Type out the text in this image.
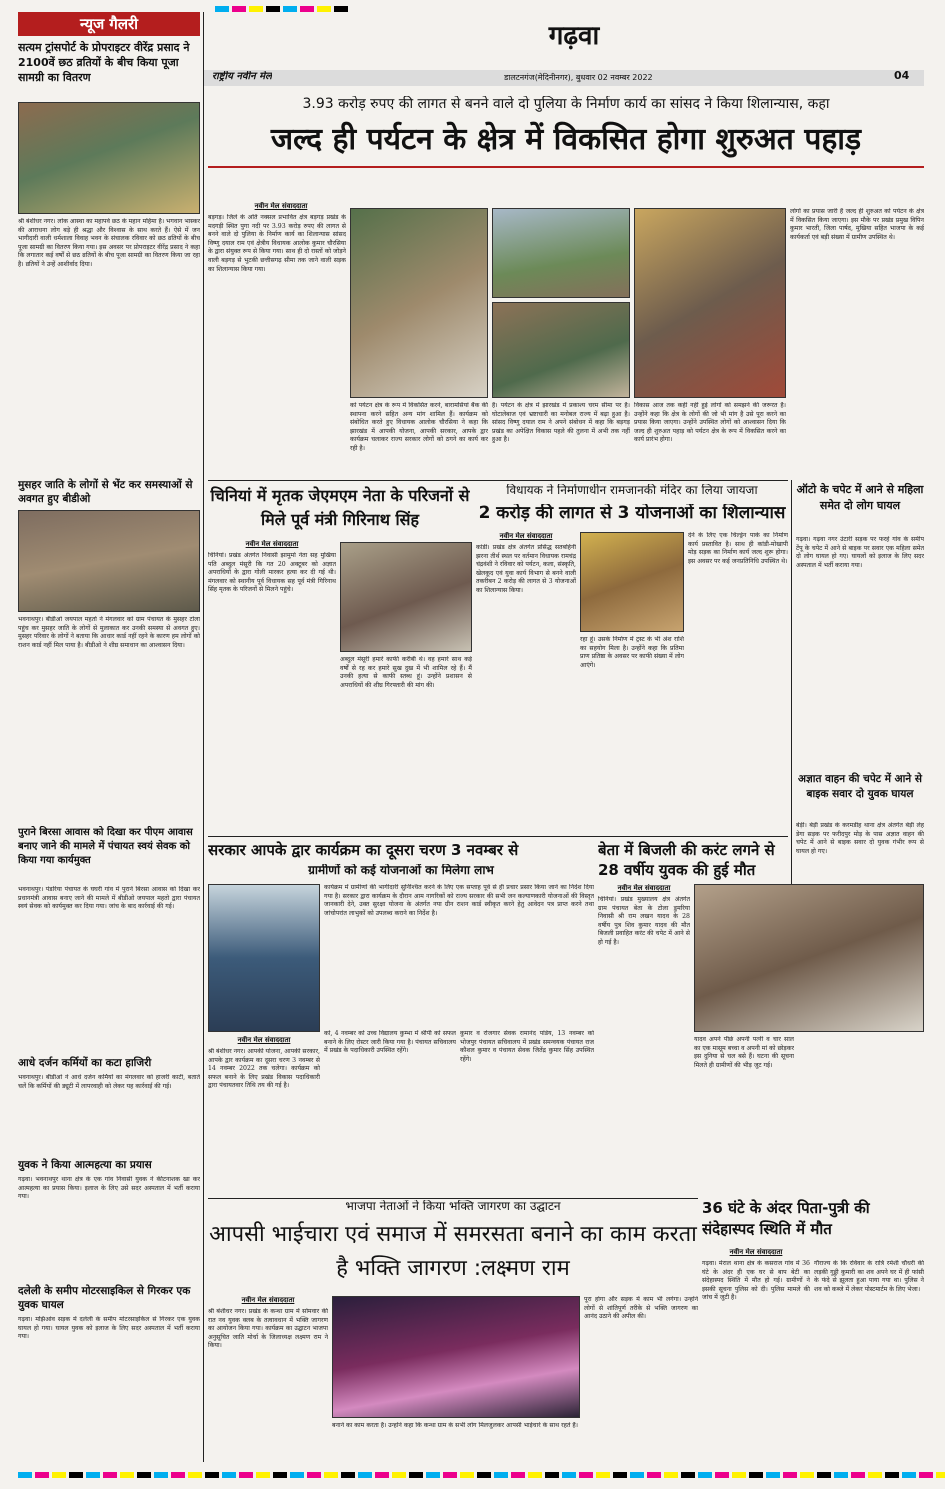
गढ़वा
राष्ट्रीय नवीन मेल	डालटनगंज(मेदिनीनगर), बुधवार 02 नवम्बर 2022	04
न्यूज गैलरी
सत्यम ट्रांसपोर्ट के प्रोपराइटर वीरेंद्र प्रसाद ने 2100वें छठ व्रतियों के बीच किया पूजा सामग्री का वितरण
श्री बंशीधर नगर। लोक आस्था का महापर्व छठ के महान महिमा है। भगवान भास्कर की आराधना लोग बड़े ही श्रद्धा और विश्वास के साथ करते हैं। ऐसे में जन भागीदारी वाली धर्मशाला विवाह भवन के संचालक रविवार को छठ व्रतियों के बीच पूजा सामग्री का वितरण किया गया। इस अवसर पर प्रोपराइटर वीरेंद्र प्रसाद ने कहा कि लगातार कई वर्षों से छठ व्रतियों के बीच पूजा सामग्री का वितरण किया जा रहा है। व्रतियों ने उन्हें आशीर्वाद दिया।
मुसहर जाति के लोगों से भेंट कर समस्याओं से अवगत हुए बीडीओ
भवनाथपुर। बीडीओ जयपाल महतो ने मंगलवार को ग्राम पंचायत के मुसहर टोला पहुंच कर मुसहर जाति के लोगों से मुलाकात कर उनकी समस्या से अवगत हुए। मुसहर परिवार के लोगों ने बताया कि आधार कार्ड नहीं रहने के कारण हम लोगों को राशन कार्ड नहीं मिल पाया है। बीडीओ ने शीघ्र समाधान का आश्वासन दिया।
पुराने बिरसा आवास को दिखा कर पीएम आवास बनाए जाने की मामले में पंचायत स्वयं सेवक को किया गया कार्यमुक्त
भवनाथपुर। पंडरिया पंचायत के घघरी गांव में पुराने बिरसा आवास को दिखा कर प्रधानमंत्री आवास बनाए जाने की मामले में बीडीओ जयपाल महतो द्वारा पंचायत स्वयं सेवक को कार्यमुक्त कर दिया गया। जांच के बाद कार्रवाई की गई।
आधे दर्जन कर्मियों का कटा हाजिरी
भवनाथपुर। बीडीओ ने आधे दर्जन कर्मियों का मंगलवार को हाजरी काटी, बताते चलें कि कर्मियों की ड्यूटी में लापरवाही को लेकर यह कार्रवाई की गई।
युवक ने किया आत्महत्या का प्रयास
गढ़वा। भवनाथपुर थाना क्षेत्र के एक गांव निवासी युवक ने कीटनाशक खा कर आत्महत्या का प्रयास किया। इलाज के लिए उसे सदर अस्पताल में भर्ती कराया गया।
दलेली के समीप मोटरसाइकिल से गिरकर एक युवक घायल
गढ़वा। मझिआंव सड़क में दलेली के समीप मोटरसाइकिल से गिरकर एक युवक घायल हो गया। घायल युवक को इलाज के लिए सदर अस्पताल में भर्ती कराया गया।
3.93 करोड़ रुपए की लागत से बनने वाले दो पुलिया के निर्माण कार्य का सांसद ने किया शिलान्यास, कहा
जल्द ही पर्यटन के क्षेत्र में विकसित होगा शुरुअत पहाड़
नवीन मेल संवाददाता
बड़गड़। जिले के अति नक्सल प्रभावित क्षेत्र बड़गड़ प्रखंड के मदगड़ी स्थित पुगा नदी पर 3.93 करोड़ रुपए की लागत से बनने वाले दो पुलिया के निर्माण कार्य का शिलान्यास सांसद विष्णु दयाल राम एवं क्षेत्रीय विधायक आलोक कुमार चौरसिया के द्वारा संयुक्त रूप से किया गया। साथ ही दो रास्तों को जोड़ने वाली बड़गड़ से भुटकी छत्तीसगढ़ सीमा तक जाने वाली सड़क का शिलान्यास किया गया।
को पर्यटन क्षेत्र के रूप में विकसित करने, बारामसियां बैंक की स्थापना करने सहित अन्य मांग शामिल हैं। कार्यक्रम को संबोधित करते हुए विधायक आलोक चौरसिया ने कहा कि झारखंड में आपकी योजना, आपकी सरकार, आपके द्वार कार्यक्रम चलाकर राज्य सरकार लोगों को ठगने का कार्य कर रही है।
है। पर्यटन के क्षेत्र में झारखंड में प्रकाश्य चरम सीमा पर है। घोटालेबाज एवं भ्रष्टाचारी का मनोबल राज्य में बढ़ा हुआ है। सांसद विष्णु दयाल राम ने अपने संबोधन में कहा कि बड़गड़ प्रखंड का अपेक्षित विकास पहले की तुलना में अभी तक नहीं हुआ है।
विकास आज तक कहीं नहीं हुई लोगों को समझने की जरूरत है। उन्होंने कहा कि क्षेत्र के लोगों की जो भी मांग है उसे पूरा करने का प्रयास किया जाएगा। उन्होंने उपस्थित लोगों को आश्वासन दिया कि जल्द ही शुरुअत पहाड़ को पर्यटन क्षेत्र के रूप में विकसित करने का कार्य प्रारंभ होगा।
लोगों का प्रयास जारी है जल्द ही शुरुअत को पर्यटन के क्षेत्र में विकसित किया जाएगा। इस मौके पर प्रखंड प्रमुख विपिन कुमार भारती, जिला पार्षद, मुखिया सहित भाजपा के कई कार्यकर्ता एवं बड़ी संख्या में ग्रामीण उपस्थित थे।
चिनियां में मृतक जेएमएम नेता के परिजनों से मिले पूर्व मंत्री गिरिनाथ सिंह
नवीन मेल संवाददाता
चिनियां। प्रखंड अंतर्गत निवासी झामुमो नेता सह मुखिया पति अब्दुल मंसूरी कि गत 20 अक्टूबर को अज्ञात अपराधियों के द्वारा गोली मारकर हत्या कर दी गई थी। मंगलवार को स्थानीय पूर्व विधायक सह पूर्व मंत्री गिरिनाथ सिंह मृतक के परिजनों से मिलने पहुंचे।
अब्दुल मंसूरी हमारे काफी करीबी थे। वह हमारे साथ कई वर्षों से रह कर हमारे सुख दुख में भी शामिल रहे हैं। मैं उनकी हत्या से काफी स्तब्ध हूं। उन्होंने प्रशासन से अपराधियों की शीघ्र गिरफ्तारी की मांग की।
विधायक ने निर्माणाधीन रामजानकी मंदिर का लिया जायजा
2 करोड़ की लागत से 3 योजनाओं का शिलान्यास
नवीन मेल संवाददाता
कांडी। प्रखंड क्षेत्र अंतर्गत प्रसिद्ध सतबहिनी झरना तीर्थ स्थल पर वर्तमान विधायक रामचंद्र चंद्रवंशी ने रविवार को पर्यटन, कला, संस्कृति, खेलकूद एवं युवा कार्य विभाग से बनने वाली तकरीबन 2 करोड़ की लागत से 3 योजनाओं का शिलान्यास किया।
रहा हूं। उसके निर्माण में ट्रस्ट के भी अंश राशि का सहयोग मिला है। उन्होंने कहा कि प्रतिमा प्राण प्रतिष्ठा के अवसर पर काफी संख्या में लोग आएंगे।
देने के लिए एक चिल्ड्रेन पार्क का निर्माण कार्य प्रस्तावित है। साथ ही कांडी-मोखापी मोड़ सड़क का निर्माण कार्य जल्द शुरू होगा। इस अवसर पर कई जनप्रतिनिधि उपस्थित थे।
ऑटो के चपेट में आने से महिला समेत दो लोग घायल
गढ़वा। गढ़वा नगर उंटारी सड़क पर फरहे गांव के समीप टेंपू के चपेट में आने से बाइक पर सवार एक महिला समेत दो लोग घायल हो गए। घायलों को इलाज के लिए सदर अस्पताल में भर्ती कराया गया।
अज्ञात वाहन की चपेट में आने से बाइक सवार दो युवक घायल
बेड़ी। बेड़ी प्रखंड के करमडीह थाना क्षेत्र अंतर्गत बेड़ी लेह डेगा सड़क पर फरीदपुर मोड़ के पास अज्ञात वाहन की चपेट में आने से बाइक सवार दो युवक गंभीर रूप से घायल हो गए।
सरकार आपके द्वार कार्यक्रम का दूसरा चरण 3 नवम्बर से
ग्रामीणों को कई योजनाओं का मिलेगा लाभ
कार्यक्रम में ग्रामीणों की भागीदारी सुनिश्चित करने के लिए एक सप्ताह पूर्व से ही प्रचार प्रसार किया जाने का निर्देश दिया गया है। सरकार द्वारा कार्यक्रम के दौरान आम नागरिकों को राज्य सरकार की सभी जन कल्याणकारी योजनाओं की विस्तृत जानकारी देने, उक्त सुरक्षा योजना के अंतर्गत नया ग्रीन राशन कार्ड स्वीकृत करने हेतु आवेदन पत्र प्राप्त करने तथा जांचोपरांत लाभुकों को उपलब्ध कराने का निर्देश है।
नवीन मेल संवाददाता
श्री बंशीधर नगर। आपकी योजना, आपकी सरकार, आपके द्वार कार्यक्रम का दूसरा चरण 3 नवम्बर से 14 नवम्बर 2022 तक चलेगा। कार्यक्रम को सफल बनाने के लिए प्रखंड विकास पदाधिकारी द्वारा पंचायतवार तिथि तय की गई है।
को, 4 नवम्बर को उच्च विद्यालय कुम्भा में श्रीपी को सफल बनाने के लिए रोस्टर जारी किया गया है। पंचायत सचिवालय में प्रखंड के पदाधिकारी उपस्थित रहेंगे।
कुमार व रोजगार सेवक रामानंद पांडेय, 13 नवम्बर को भोजपुर पंचायत सचिवालय में प्रखंड समन्वयक पंचायत राज कौशल कुमार व पंचायत सेवक जितेंद्र कुमार सिंह उपस्थित रहेंगे।
बेता में बिजली की करंट लगने से 28 वर्षीय युवक की हुई मौत
नवीन मेल संवाददाता
चिनियां। प्रखंड मुख्यालय क्षेत्र अंतर्गत ग्राम पंचायत बेता के टोला डुमरिया निवासी श्री राम लखन यादव के 28 वर्षीय पुत्र शिव कुमार यादव की मौत बिजली प्रवाहित करंट की चपेट में आने से हो गई है।
यादव अपने पीछे अपनी पत्नी व चार साल का एक मासूम बच्चा व अपनी मां को छोड़कर इस दुनिया से चल बसे हैं। घटना की सूचना मिलते ही ग्रामीणों की भीड़ जुट गई।
भाजपा नेताओं ने किया भक्ति जागरण का उद्घाटन
आपसी भाईचारा एवं समाज में समरसता बनाने का काम करता है भक्ति जागरण :लक्ष्मण राम
नवीन मेल संवाददाता
श्री बंशीधर नगर। प्रखंड के कन्था ग्राम में सोमवार की रात नव युवक क्लब के तत्वावधान में भक्ति जागरण का आयोजन किया गया। कार्यक्रम का उद्घाटन भाजपा अनुसूचित जाति मोर्चा के जिलाध्यक्ष लक्ष्मण राम ने किया।
बनाने का काम करता है। उन्होंने कहा कि कन्था ग्राम के सभी लोग मिलजुलकर आपसी भाईचारे के साथ रहते हैं।
पूरा होगा और सड़क में काम भी लगेगा। उन्होंने लोगों से शांतिपूर्ण तरीके से भक्ति जागरण का आनंद उठाने की अपील की।
36 घंटे के अंदर पिता-पुत्री की संदेहास्पद स्थिति में मौत
नवीन मेल संवाददाता
गढ़वा। मेराल थाना क्षेत्र के कसराज गांव में 36 घंटे के अंदर ही एक घर से बाप बेटी का संदेहास्पद स्थिति में मौत हो गई। ग्रामीणों ने इसकी सूचना पुलिस को दी। पुलिस मामले की जांच में जुटी है।
गौराज्य के कि रविवार के रात्रि रमेशी चौधरी की लड़की गुड्डी कुमारी का शव अपने घर में ही फांसी के फंदे से झूलता हुआ पाया गया था। पुलिस ने शव को कब्जे में लेकर पोस्टमार्टम के लिए भेजा।
